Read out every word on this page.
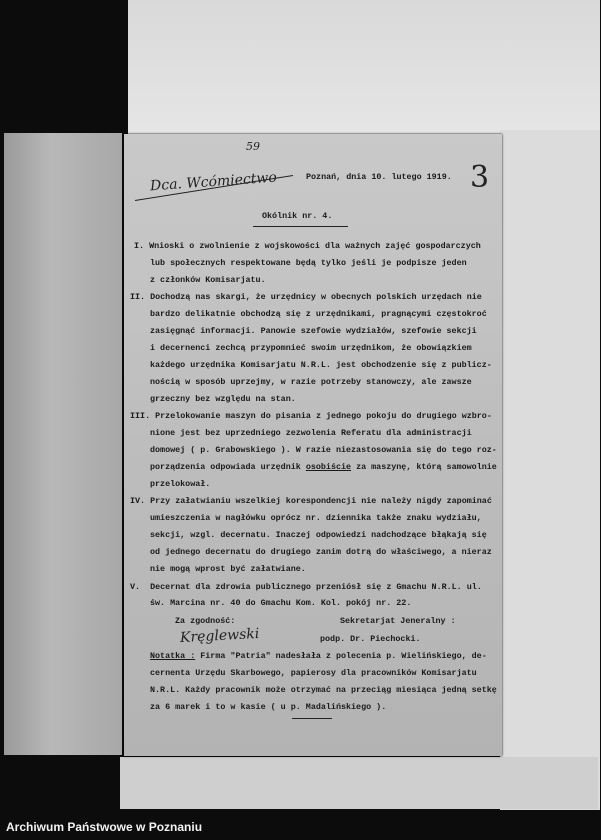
59
Dca. Wcómiectwo	Poznań, dnia 10. lutego 1919. 3
Okólnik nr. 4.
I. Wnioski o zwolnienie z wojskowości dla ważnych zajęć gospodarczych
lub społecznych respektowane będą tylko jeśli je podpisze jeden
z członków Komisarjatu.
II. Dochodzą nas skargi, że urzędnicy w obecnych polskich urzędach nie
bardzo delikatnie obchodzą się z urzędnikami, pragnącymi częstokroć
zasięgnąć informacji. Panowie szefowie wydziałów, szefowie sekcji
i decernenci zechcą przypomnieć swoim urzędnikom, że obowiązkiem
każdego urzędnika Komisarjatu N.R.L. jest obchodzenie się z publicz-
nością w sposób uprzejmy, w razie potrzeby stanowczy, ale zawsze
grzeczny bez względu na stan.
III. Przelokowanie maszyn do pisania z jednego pokoju do drugiego wzbro-
nione jest bez uprzedniego zezwolenia Referatu dla administracji
domowej ( p. Grabowskiego ). W razie niezastosowania się do tego roz-
porządzenia odpowiada urzędnik osobiście za maszynę, którą samowolnie
przelokował.
IV. Przy załatwianiu wszelkiej korespondencji nie należy nigdy zapominać
umieszczenia w nagłówku oprócz nr. dziennika także znaku wydziału,
sekcji, wzgl. decernatu. Inaczej odpowiedzi nadchodzące błąkają się
od jednego decernatu do drugiego zanim dotrą do właściwego, a nieraz
nie mogą wprost być załatwiane.
V.  Decernat dla zdrowia publicznego przeniósł się z Gmachu N.R.L. ul.
św. Marcina nr. 40 do Gmachu Kom. Kol. pokój nr. 22.
Za zgodność:	Sekretarjat Jeneralny :
Kręglewski	podp. Dr. Piechocki.
Notatka : Firma "Patria" nadesłała z polecenia p. Wielińskiego, de-
cernenta Urzędu Skarbowego, papierosy dla pracowników Komisarjatu
N.R.L. Każdy pracownik może otrzymać na przeciąg miesiąca jedną setkę
za 6 marek i to w kasie ( u p. Madalińskiego ).
Archiwum Państwowe w Poznaniu
